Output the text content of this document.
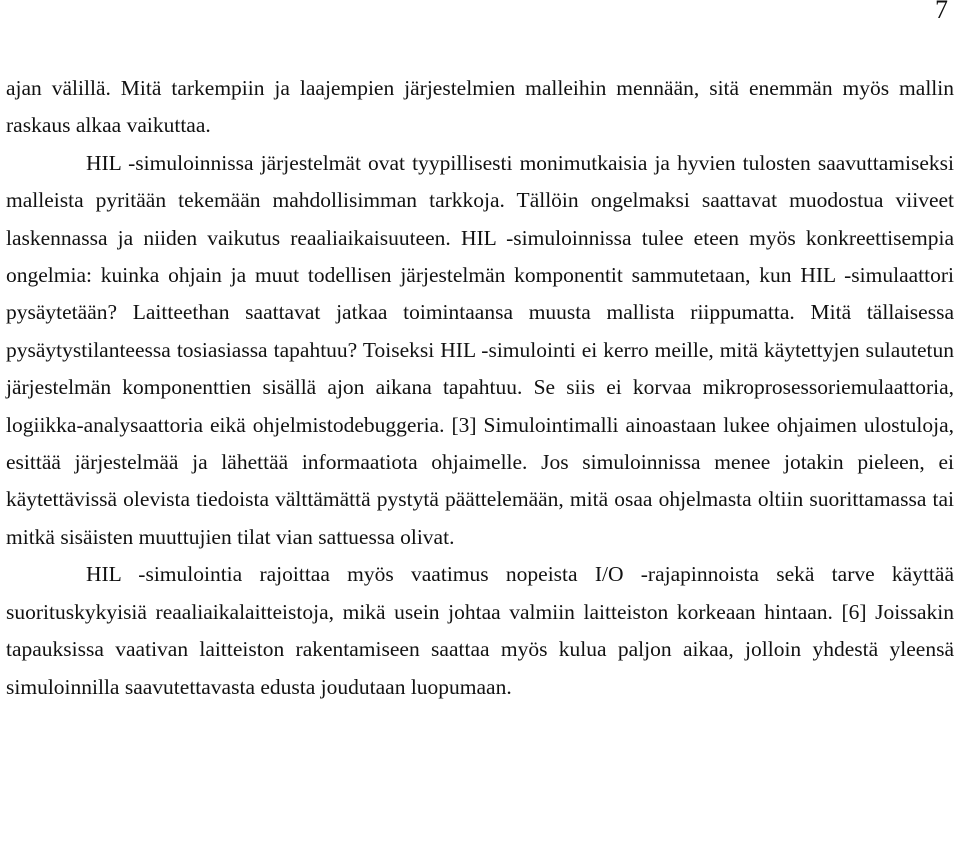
7

ajan välillä. Mitä tarkempiin ja laajempien järjestelmien malleihin mennään, sitä enemmän myös mallin raskaus alkaa vaikuttaa.

HIL -simuloinnissa järjestelmät ovat tyypillisesti monimutkaisia ja hyvien tulosten saavuttamiseksi malleista pyritään tekemään mahdollisimman tarkkoja. Tällöin ongelmaksi saattavat muodostua viiveet laskennassa ja niiden vaikutus reaaliaikaisuuteen. HIL -simuloinnissa tulee eteen myös konkreettisempia ongelmia: kuinka ohjain ja muut todellisen järjestelmän komponentit sammutetaan, kun HIL -simulaattori pysäytetään? Laitteethan saattavat jatkaa toimintaansa muusta mallista riippumatta. Mitä tällaisessa pysäytystilanteessa tosiasiassa tapahtuu? Toiseksi HIL -simulointi ei kerro meille, mitä käytettyjen sulautetun järjestelmän komponenttien sisällä ajon aikana tapahtuu. Se siis ei korvaa mikroprosessoriemulaattoria, logiikka-analysaattoria eikä ohjelmistodebuggeria. [3] Simulointimalli ainoastaan lukee ohjaimen ulostuloja, esittää järjestelmää ja lähettää informaatiota ohjaimelle. Jos simuloinnissa menee jotakin pieleen, ei käytettävissä olevista tiedoista välttämättä pystytä päättelemään, mitä osaa ohjelmasta oltiin suorittamassa tai mitkä sisäisten muuttujien tilat vian sattuessa olivat.

HIL -simulointia rajoittaa myös vaatimus nopeista I/O -rajapinnoista sekä tarve käyttää suorituskykyisiä reaaliaikalaitteistoja, mikä usein johtaa valmiin laitteiston korkeaan hintaan. [6] Joissakin tapauksissa vaativan laitteiston rakentamiseen saattaa myös kulua paljon aikaa, jolloin yhdestä yleensä simuloinnilla saavutettavasta edusta joudutaan luopumaan.
